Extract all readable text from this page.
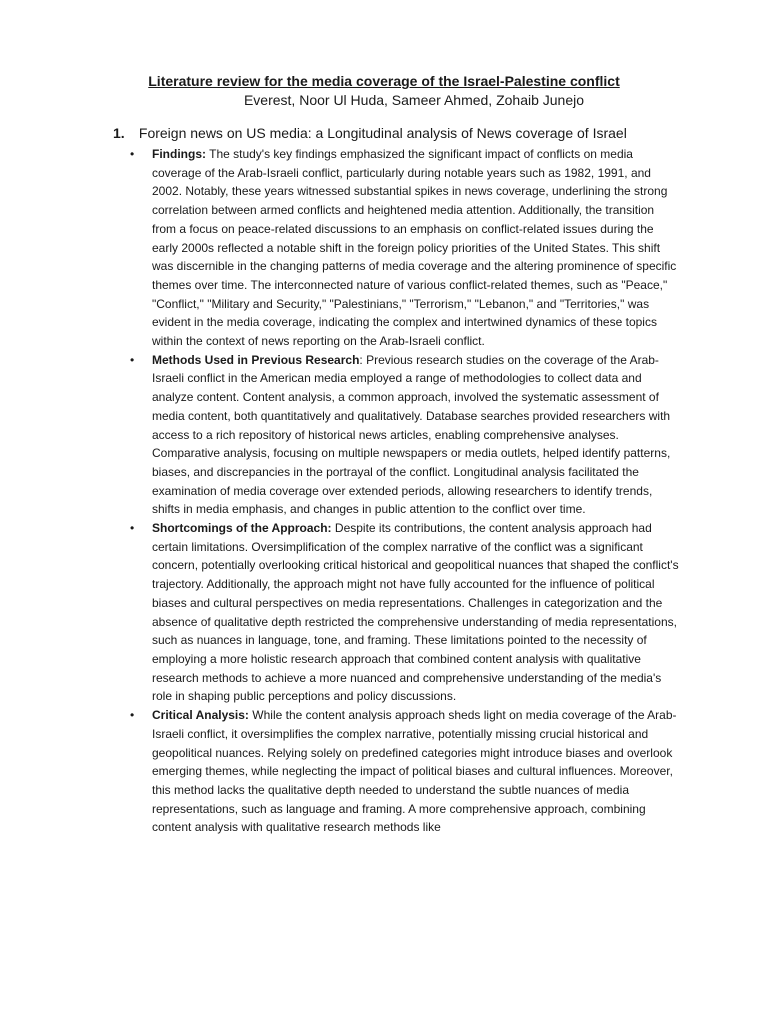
Literature review for the media coverage of the Israel-Palestine conflict
Everest, Noor Ul Huda, Sameer Ahmed, Zohaib Junejo
1. Foreign news on US media: a Longitudinal analysis of News coverage of Israel
• Findings: The study's key findings emphasized the significant impact of conflicts on media coverage of the Arab-Israeli conflict, particularly during notable years such as 1982, 1991, and 2002. Notably, these years witnessed substantial spikes in news coverage, underlining the strong correlation between armed conflicts and heightened media attention. Additionally, the transition from a focus on peace-related discussions to an emphasis on conflict-related issues during the early 2000s reflected a notable shift in the foreign policy priorities of the United States. This shift was discernible in the changing patterns of media coverage and the altering prominence of specific themes over time. The interconnected nature of various conflict-related themes, such as "Peace," "Conflict," "Military and Security," "Palestinians," "Terrorism," "Lebanon," and "Territories," was evident in the media coverage, indicating the complex and intertwined dynamics of these topics within the context of news reporting on the Arab-Israeli conflict.
• Methods Used in Previous Research: Previous research studies on the coverage of the Arab-Israeli conflict in the American media employed a range of methodologies to collect data and analyze content. Content analysis, a common approach, involved the systematic assessment of media content, both quantitatively and qualitatively. Database searches provided researchers with access to a rich repository of historical news articles, enabling comprehensive analyses. Comparative analysis, focusing on multiple newspapers or media outlets, helped identify patterns, biases, and discrepancies in the portrayal of the conflict. Longitudinal analysis facilitated the examination of media coverage over extended periods, allowing researchers to identify trends, shifts in media emphasis, and changes in public attention to the conflict over time.
• Shortcomings of the Approach: Despite its contributions, the content analysis approach had certain limitations. Oversimplification of the complex narrative of the conflict was a significant concern, potentially overlooking critical historical and geopolitical nuances that shaped the conflict's trajectory. Additionally, the approach might not have fully accounted for the influence of political biases and cultural perspectives on media representations. Challenges in categorization and the absence of qualitative depth restricted the comprehensive understanding of media representations, such as nuances in language, tone, and framing. These limitations pointed to the necessity of employing a more holistic research approach that combined content analysis with qualitative research methods to achieve a more nuanced and comprehensive understanding of the media's role in shaping public perceptions and policy discussions.
• Critical Analysis: While the content analysis approach sheds light on media coverage of the Arab-Israeli conflict, it oversimplifies the complex narrative, potentially missing crucial historical and geopolitical nuances. Relying solely on predefined categories might introduce biases and overlook emerging themes, while neglecting the impact of political biases and cultural influences. Moreover, this method lacks the qualitative depth needed to understand the subtle nuances of media representations, such as language and framing. A more comprehensive approach, combining content analysis with qualitative research methods like
